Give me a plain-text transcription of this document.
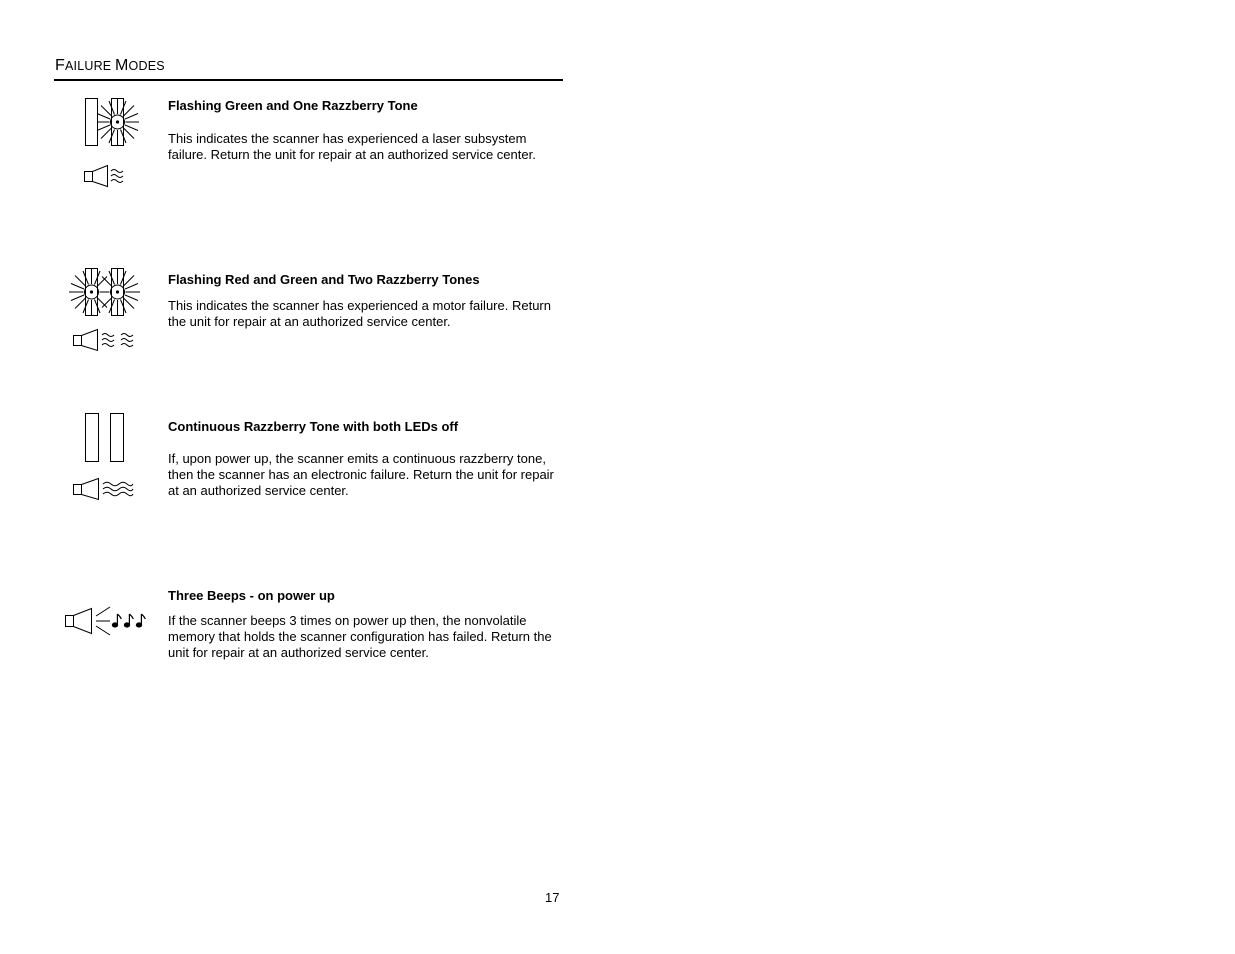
FAILURE MODES
Flashing Green and One Razzberry Tone
This indicates the scanner has experienced a laser subsystem failure. Return the unit for repair at an authorized service center.
Flashing Red and Green and Two Razzberry Tones
This indicates the scanner has experienced a motor failure. Return the unit for repair at an authorized service center.
Continuous Razzberry Tone with both LEDs off
If, upon power up, the scanner emits a continuous razzberry tone, then the scanner has an electronic failure. Return the unit for repair at an authorized service center.
Three Beeps - on power up
If the scanner beeps 3 times on power up then, the nonvolatile memory that holds the scanner configuration has failed. Return the unit for repair at an authorized service center.
17
